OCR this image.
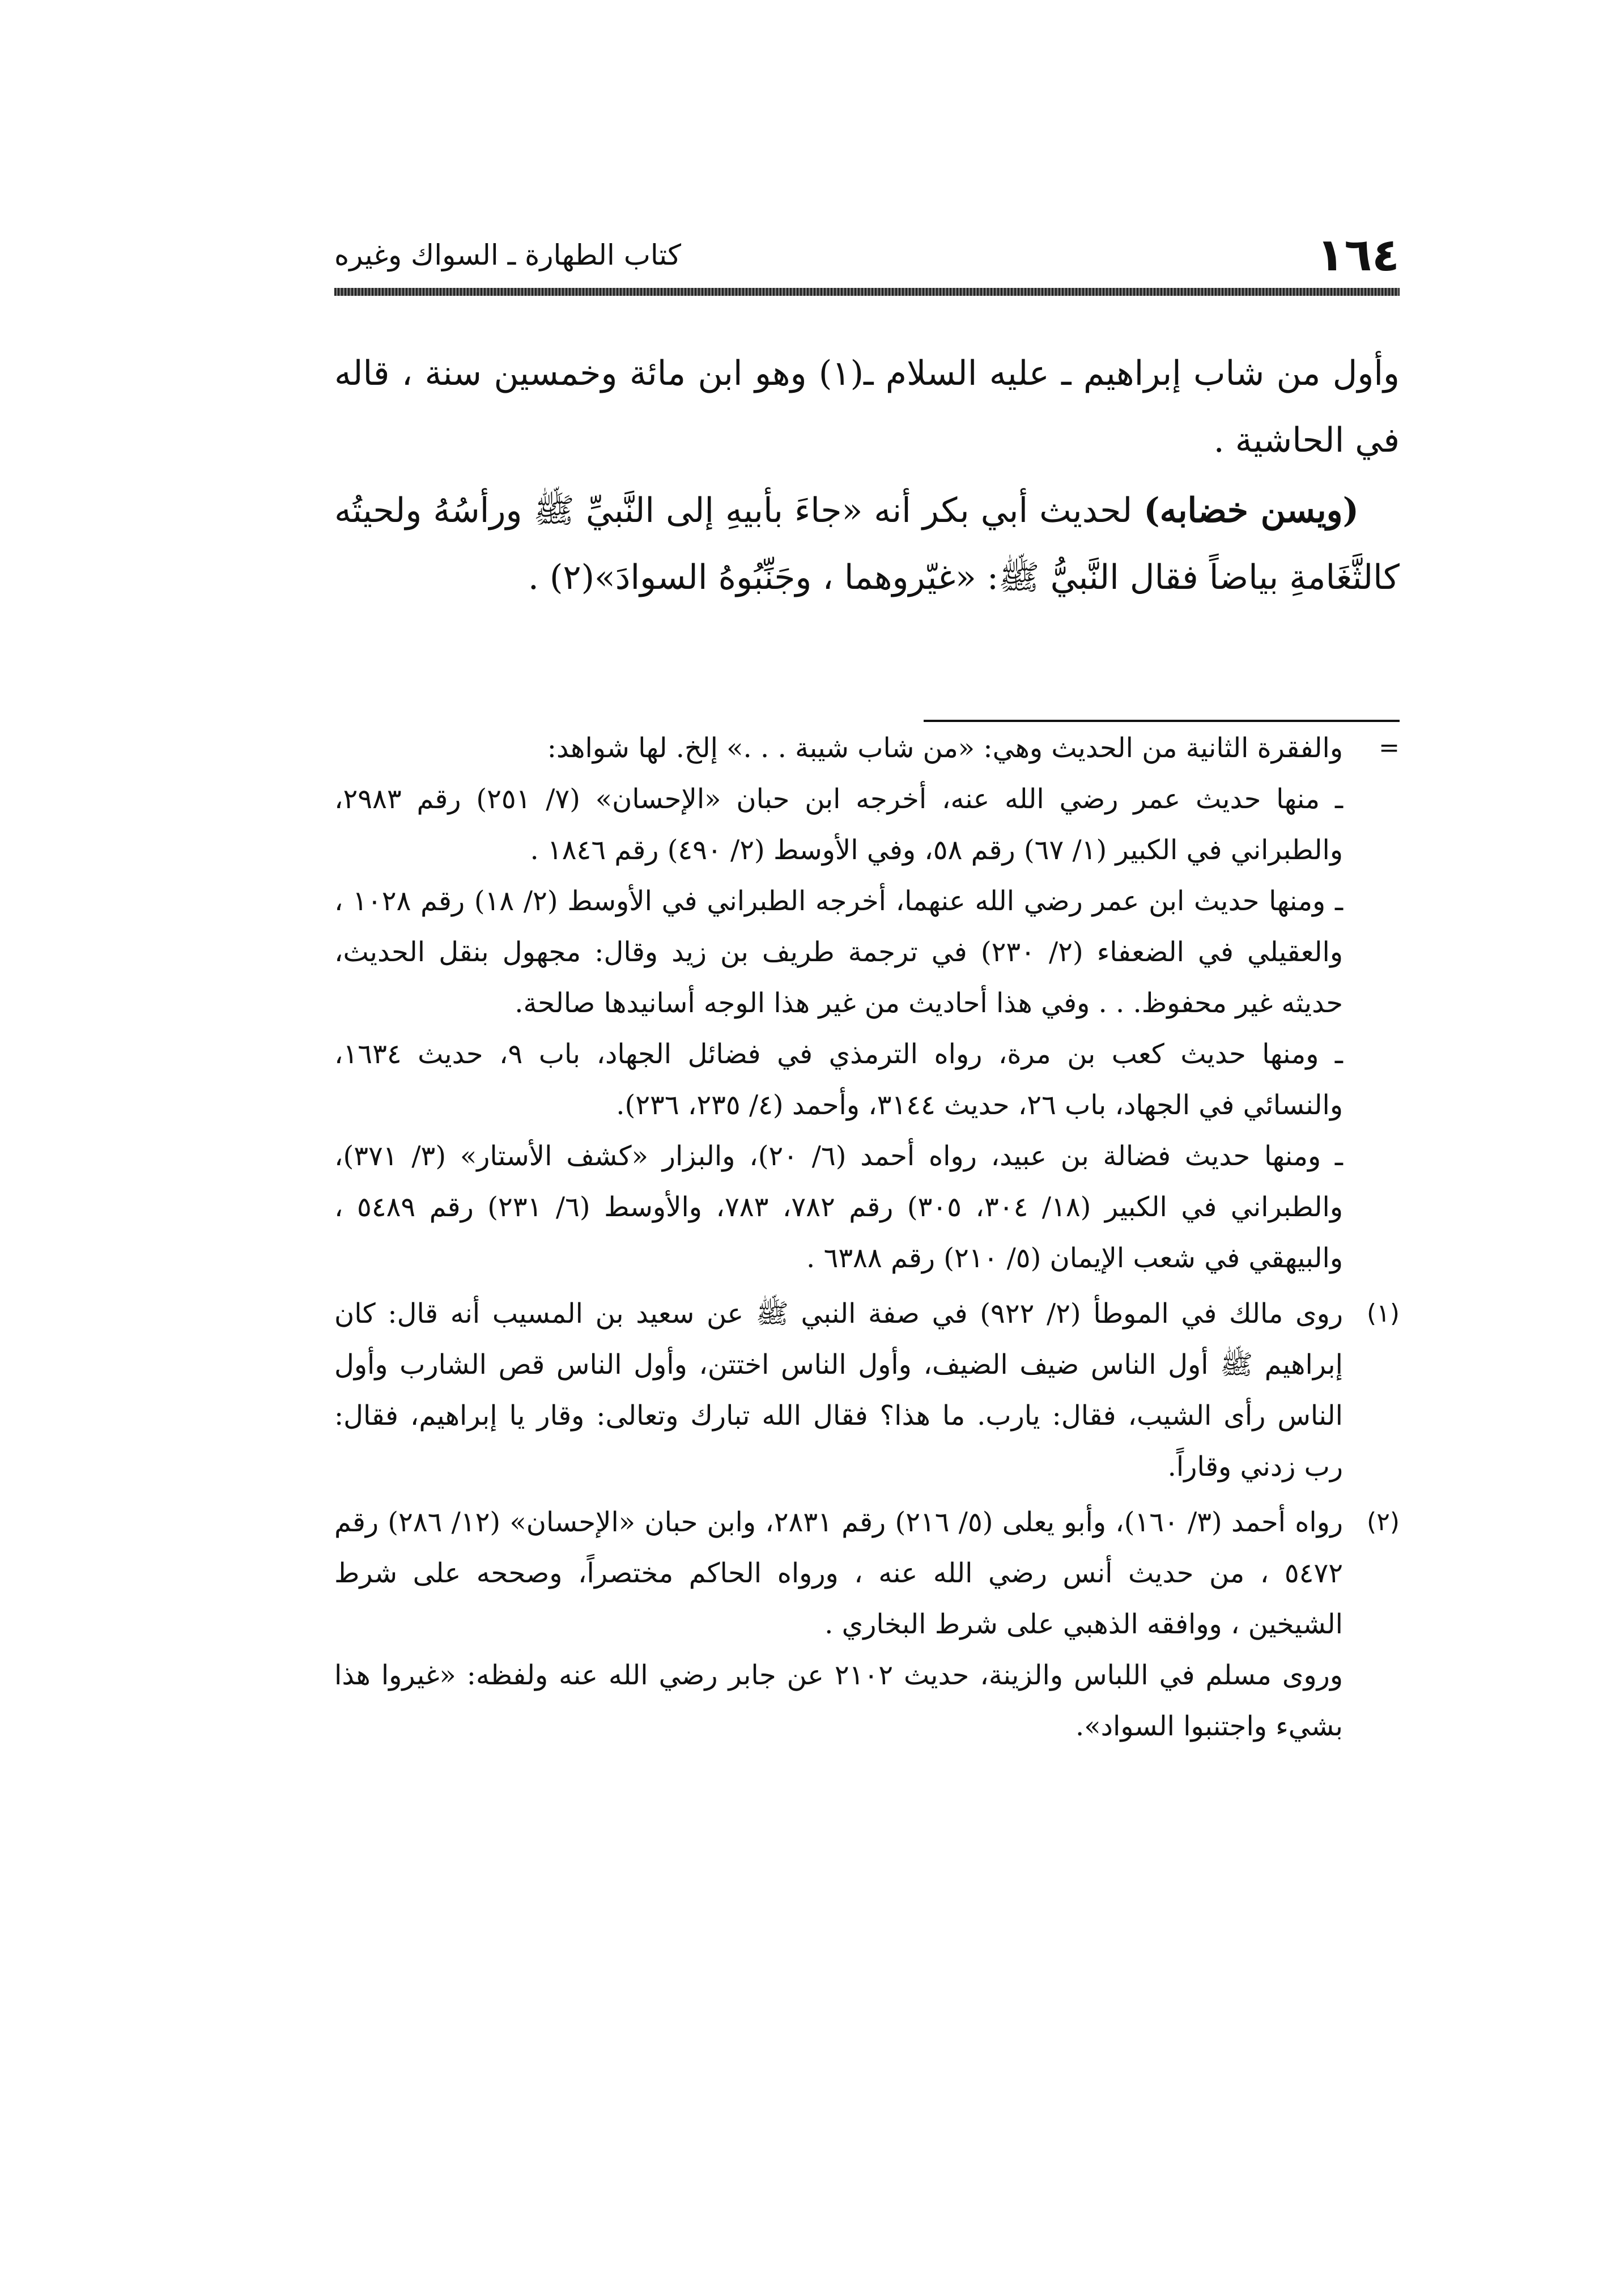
١٦٤
كتاب الطهارة ـ السواك وغيره

وأول من شاب إبراهيم ـ عليه السلام ـ(١) وهو ابن مائة وخمسين سنة ، قاله في الحاشية .

(ويسن خضابه) لحديث أبي بكر أنه «جاءَ بأبيهِ إلى النَّبيِّ ﷺ ورأسُهُ ولحيتُه كالثَّغَامةِ بياضاً فقال النَّبيُّ ﷺ: «غيّروهما ، وجَنِّبُوهُ السوادَ»(٢) .

=

والفقرة الثانية من الحديث وهي: «من شاب شيبة . . .» إلخ. لها شواهد:

ـ منها حديث عمر رضي الله عنه، أخرجه ابن حبان «الإحسان» (٧/ ٢٥١) رقم ٢٩٨٣، والطبراني في الكبير (١/ ٦٧) رقم ٥٨، وفي الأوسط (٢/ ٤٩٠) رقم ١٨٤٦ .

ـ ومنها حديث ابن عمر رضي الله عنهما، أخرجه الطبراني في الأوسط (٢/ ١٨) رقم ١٠٢٨ ، والعقيلي في الضعفاء (٢/ ٢٣٠) في ترجمة طريف بن زيد وقال: مجهول بنقل الحديث، حديثه غير محفوظ. . . وفي هذا أحاديث من غير هذا الوجه أسانيدها صالحة.

ـ ومنها حديث كعب بن مرة، رواه الترمذي في فضائل الجهاد، باب ٩، حديث ١٦٣٤، والنسائي في الجهاد، باب ٢٦، حديث ٣١٤٤، وأحمد (٤/ ٢٣٥، ٢٣٦).

ـ ومنها حديث فضالة بن عبيد، رواه أحمد (٦/ ٢٠)، والبزار «كشف الأستار» (٣/ ٣٧١)، والطبراني في الكبير (١٨/ ٣٠٤، ٣٠٥) رقم ٧٨٢، ٧٨٣، والأوسط (٦/ ٢٣١) رقم ٥٤٨٩ ، والبيهقي في شعب الإيمان (٥/ ٢١٠) رقم ٦٣٨٨ .

(١)

روى مالك في الموطأ (٢/ ٩٢٢) في صفة النبي ﷺ عن سعيد بن المسيب أنه قال: كان إبراهيم ﷺ أول الناس ضيف الضيف، وأول الناس اختتن، وأول الناس قص الشارب وأول الناس رأى الشيب، فقال: يارب. ما هذا؟ فقال الله تبارك وتعالى: وقار يا إبراهيم، فقال: رب زدني وقاراً.

(٢)

رواه أحمد (٣/ ١٦٠)، وأبو يعلى (٥/ ٢١٦) رقم ٢٨٣١، وابن حبان «الإحسان» (١٢/ ٢٨٦) رقم ٥٤٧٢ ، من حديث أنس رضي الله عنه ، ورواه الحاكم مختصراً، وصححه على شرط الشيخين ، ووافقه الذهبي على شرط البخاري .

وروى مسلم في اللباس والزينة، حديث ٢١٠٢ عن جابر رضي الله عنه ولفظه: «غيروا هذا بشيء واجتنبوا السواد».
